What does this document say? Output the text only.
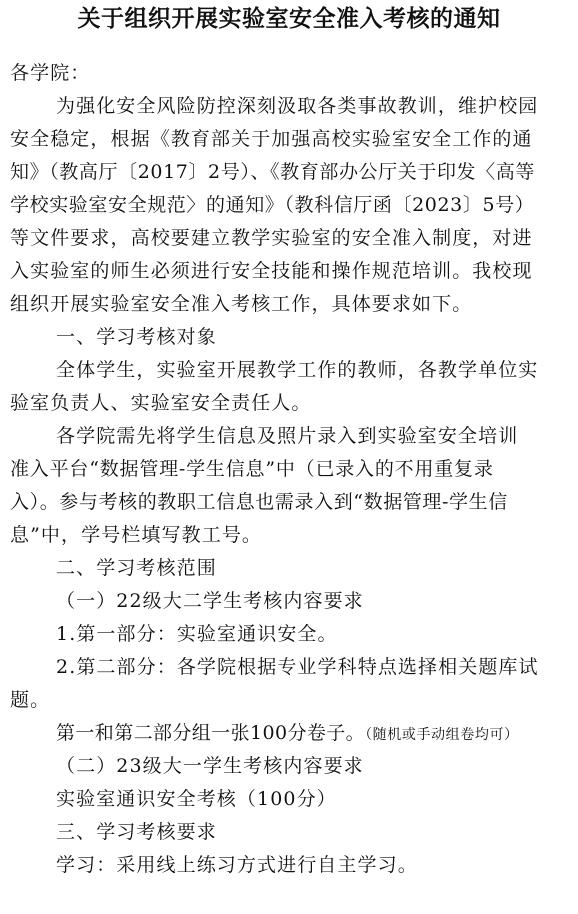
关于组织开展实验室安全准入考核的通知
各学院：
为强化安全风险防控深刻汲取各类事故教训，维护校园
安全稳定，根据《教育部关于加强高校实验室安全工作的通
知》（教高厅〔2017〕2号）、《教育部办公厅关于印发〈高等
学校实验室安全规范〉的通知》（教科信厅函〔2023〕5号）
等文件要求，高校要建立教学实验室的安全准入制度，对进
入实验室的师生必须进行安全技能和操作规范培训。我校现
组织开展实验室安全准入考核工作，具体要求如下。
一、学习考核对象
全体学生，实验室开展教学工作的教师，各教学单位实
验室负责人、实验室安全责任人。
各学院需先将学生信息及照片录入到实验室安全培训
准入平台“数据管理-学生信息”中（已录入的不用重复录
入）。参与考核的教职工信息也需录入到“数据管理-学生信
息”中，学号栏填写教工号。
二、学习考核范围
（一）22级大二学生考核内容要求
1.第一部分：实验室通识安全。
2.第二部分：各学院根据专业学科特点选择相关题库试
题。
第一和第二部分组一张100分卷子。（随机或手动组卷均可）
（二）23级大一学生考核内容要求
实验室通识安全考核（100分）
三、学习考核要求
学习：采用线上练习方式进行自主学习。
